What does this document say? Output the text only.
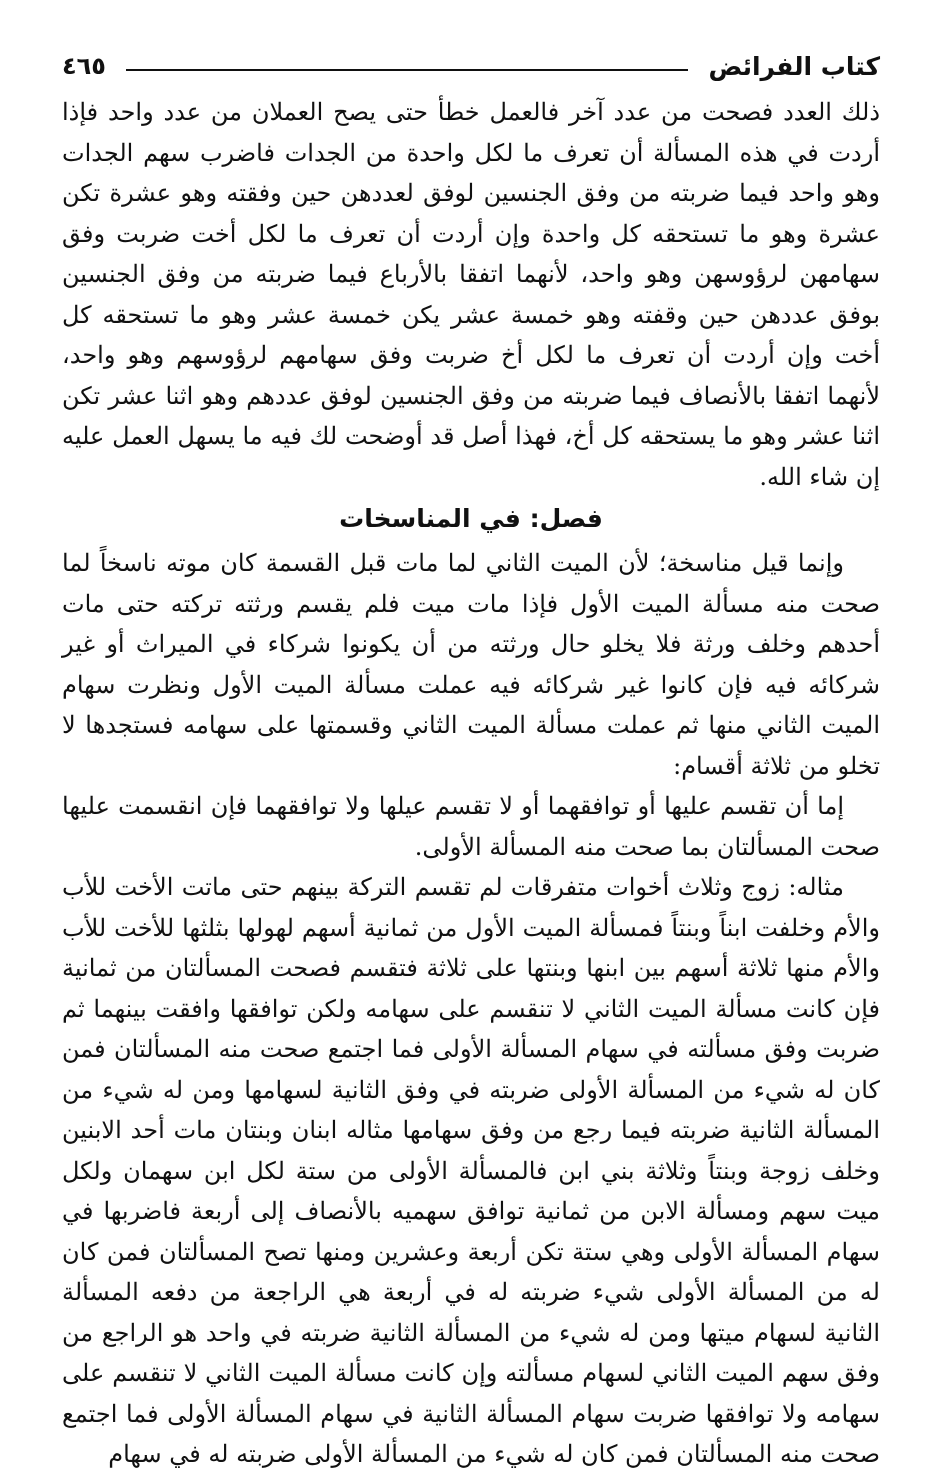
كتاب الفرائض
٤٦٥

ذلك العدد فصحت من عدد آخر فالعمل خطأ حتى يصح العملان من عدد واحد فإذا أردت في هذه المسألة أن تعرف ما لكل واحدة من الجدات فاضرب سهم الجدات وهو واحد فيما ضربته من وفق الجنسين لوفق لعددهن حين وفقته وهو عشرة تكن عشرة وهو ما تستحقه كل واحدة وإن أردت أن تعرف ما لكل أخت ضربت وفق سهامهن لرؤوسهن وهو واحد، لأنهما اتفقا بالأرباع فيما ضربته من وفق الجنسين بوفق عددهن حين وقفته وهو خمسة عشر يكن خمسة عشر وهو ما تستحقه كل أخت وإن أردت أن تعرف ما لكل أخ ضربت وفق سهامهم لرؤوسهم وهو واحد، لأنهما اتفقا بالأنصاف فيما ضربته من وفق الجنسين لوفق عددهم وهو اثنا عشر تكن اثنا عشر وهو ما يستحقه كل أخ، فهذا أصل قد أوضحت لك فيه ما يسهل العمل عليه إن شاء الله.

فصل: في المناسخات

وإنما قيل مناسخة؛ لأن الميت الثاني لما مات قبل القسمة كان موته ناسخاً لما صحت منه مسألة الميت الأول فإذا مات ميت فلم يقسم ورثته تركته حتى مات أحدهم وخلف ورثة فلا يخلو حال ورثته من أن يكونوا شركاء في الميراث أو غير شركائه فيه فإن كانوا غير شركائه فيه عملت مسألة الميت الأول ونظرت سهام الميت الثاني منها ثم عملت مسألة الميت الثاني وقسمتها على سهامه فستجدها لا تخلو من ثلاثة أقسام:

إما أن تقسم عليها أو توافقهما أو لا تقسم عيلها ولا توافقهما فإن انقسمت عليها صحت المسألتان بما صحت منه المسألة الأولى.

مثاله: زوج وثلاث أخوات متفرقات لم تقسم التركة بينهم حتى ماتت الأخت للأب والأم وخلفت ابناً وبنتاً فمسألة الميت الأول من ثمانية أسهم لهولها بثلثها للأخت للأب والأم منها ثلاثة أسهم بين ابنها وبنتها على ثلاثة فتقسم فصحت المسألتان من ثمانية فإن كانت مسألة الميت الثاني لا تنقسم على سهامه ولكن توافقها وافقت بينهما ثم ضربت وفق مسألته في سهام المسألة الأولى فما اجتمع صحت منه المسألتان فمن كان له شيء من المسألة الأولى ضربته في وفق الثانية لسهامها ومن له شيء من المسألة الثانية ضربته فيما رجع من وفق سهامها مثاله ابنان وبنتان مات أحد الابنين وخلف زوجة وبنتاً وثلاثة بني ابن فالمسألة الأولى من ستة لكل ابن سهمان ولكل ميت سهم ومسألة الابن من ثمانية توافق سهميه بالأنصاف إلى أربعة فاضربها في سهام المسألة الأولى وهي ستة تكن أربعة وعشرين ومنها تصح المسألتان فمن كان له من المسألة الأولى شيء ضربته له في أربعة هي الراجعة من دفعه المسألة الثانية لسهام ميتها ومن له شيء من المسألة الثانية ضربته في واحد هو الراجع من وفق سهم الميت الثاني لسهام مسألته وإن كانت مسألة الميت الثاني لا تنقسم على سهامه ولا توافقها ضربت سهام المسألة الثانية في سهام المسألة الأولى فما اجتمع صحت منه المسألتان فمن كان له شيء من المسألة الأولى ضربته له في سهام
